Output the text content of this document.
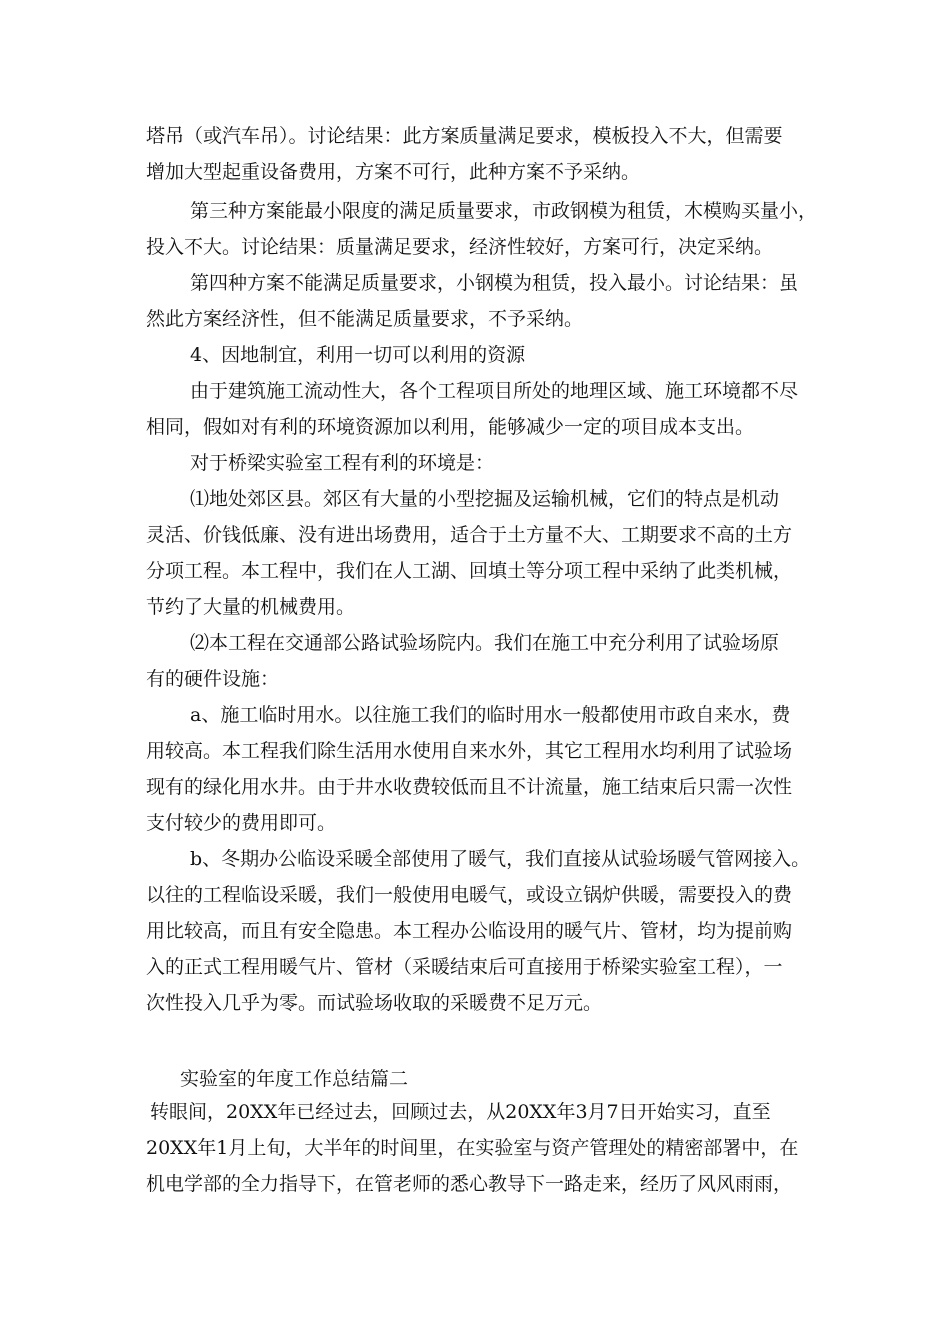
塔吊（或汽车吊）。讨论结果：此方案质量满足要求，模板投入不大，但需要
增加大型起重设备费用，方案不可行，此种方案不予采纳。
第三种方案能最小限度的满足质量要求，市政钢模为租赁，木模购买量小，
投入不大。讨论结果：质量满足要求，经济性较好，方案可行，决定采纳。
第四种方案不能满足质量要求，小钢模为租赁，投入最小。讨论结果：虽
然此方案经济性，但不能满足质量要求，不予采纳。
4、因地制宜，利用一切可以利用的资源
由于建筑施工流动性大，各个工程项目所处的地理区域、施工环境都不尽
相同，假如对有利的环境资源加以利用，能够减少一定的项目成本支出。
对于桥梁实验室工程有利的环境是：
⑴地处郊区县。郊区有大量的小型挖掘及运输机械，它们的特点是机动
灵活、价钱低廉、没有进出场费用，适合于土方量不大、工期要求不高的土方
分项工程。本工程中，我们在人工湖、回填土等分项工程中采纳了此类机械，
节约了大量的机械费用。
⑵本工程在交通部公路试验场院内。我们在施工中充分利用了试验场原
有的硬件设施：
a、施工临时用水。以往施工我们的临时用水一般都使用市政自来水，费
用较高。本工程我们除生活用水使用自来水外，其它工程用水均利用了试验场
现有的绿化用水井。由于井水收费较低而且不计流量，施工结束后只需一次性
支付较少的费用即可。
b、冬期办公临设采暖全部使用了暖气，我们直接从试验场暖气管网接入。
以往的工程临设采暖，我们一般使用电暖气，或设立锅炉供暖，需要投入的费
用比较高，而且有安全隐患。本工程办公临设用的暖气片、管材，均为提前购
入的正式工程用暖气片、管材（采暖结束后可直接用于桥梁实验室工程），一
次性投入几乎为零。而试验场收取的采暖费不足万元。
实验室的年度工作总结篇二
转眼间，20XX年已经过去，回顾过去，从20XX年3月7日开始实习，直至
20XX年1月上旬，大半年的时间里，在实验室与资产管理处的精密部署中，在
机电学部的全力指导下，在管老师的悉心教导下一路走来，经历了风风雨雨，
